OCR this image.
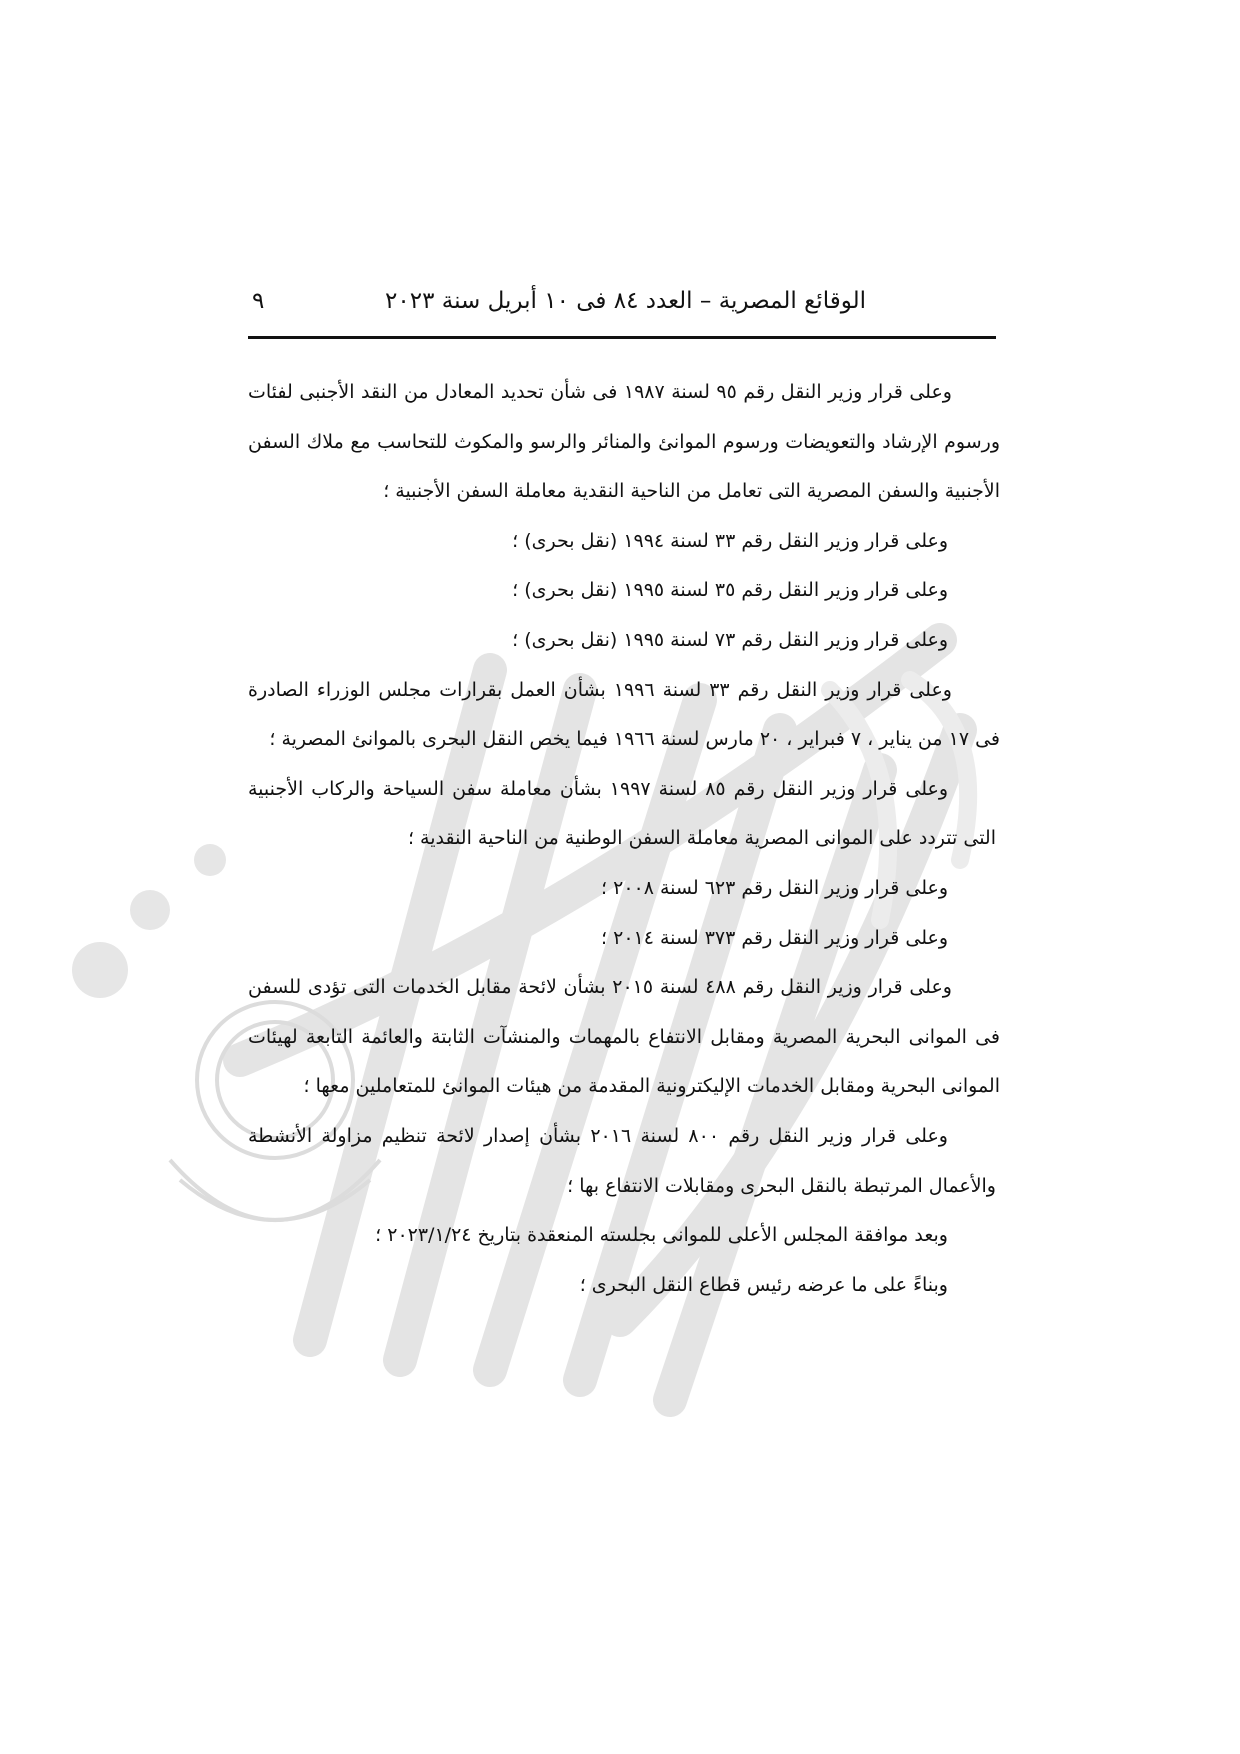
الوقائع المصرية – العدد ٨٤ فى ١٠ أبريل سنة ٢٠٢٣
٩

وعلى قرار وزير النقل رقم ٩٥ لسنة ١٩٨٧ فى شأن تحديد المعادل من النقد الأجنبى لفئات ورسوم الإرشاد والتعويضات ورسوم الموانئ والمنائر والرسو والمكوث للتحاسب مع ملاك السفن الأجنبية والسفن المصرية التى تعامل من الناحية النقدية معاملة السفن الأجنبية ؛

وعلى قرار وزير النقل رقم ٣٣ لسنة ١٩٩٤ (نقل بحرى) ؛

وعلى قرار وزير النقل رقم ٣٥ لسنة ١٩٩٥ (نقل بحرى) ؛

وعلى قرار وزير النقل رقم ٧٣ لسنة ١٩٩٥ (نقل بحرى) ؛

وعلى قرار وزير النقل رقم ٣٣ لسنة ١٩٩٦ بشأن العمل بقرارات مجلس الوزراء الصادرة فى ١٧ من يناير ، ٧ فبراير ، ٢٠ مارس لسنة ١٩٦٦ فيما يخص النقل البحرى بالموانئ المصرية ؛

وعلى قرار وزير النقل رقم ٨٥ لسنة ١٩٩٧ بشأن معاملة سفن السياحة والركاب الأجنبية التى تتردد على الموانى المصرية معاملة السفن الوطنية من الناحية النقدية ؛

وعلى قرار وزير النقل رقم ٦٢٣ لسنة ٢٠٠٨ ؛

وعلى قرار وزير النقل رقم ٣٧٣ لسنة ٢٠١٤ ؛

وعلى قرار وزير النقل رقم ٤٨٨ لسنة ٢٠١٥ بشأن لائحة مقابل الخدمات التى تؤدى للسفن فى الموانى البحرية المصرية ومقابل الانتفاع بالمهمات والمنشآت الثابتة والعائمة التابعة لهيئات الموانى البحرية ومقابل الخدمات الإليكترونية المقدمة من هيئات الموانئ للمتعاملين معها ؛

وعلى قرار وزير النقل رقم ٨٠٠ لسنة ٢٠١٦ بشأن إصدار لائحة تنظيم مزاولة الأنشطة والأعمال المرتبطة بالنقل البحرى ومقابلات الانتفاع بها ؛

وبعد موافقة المجلس الأعلى للموانى بجلسته المنعقدة بتاريخ ٢٠٢٣/١/٢٤ ؛

وبناءً على ما عرضه رئيس قطاع النقل البحرى ؛
